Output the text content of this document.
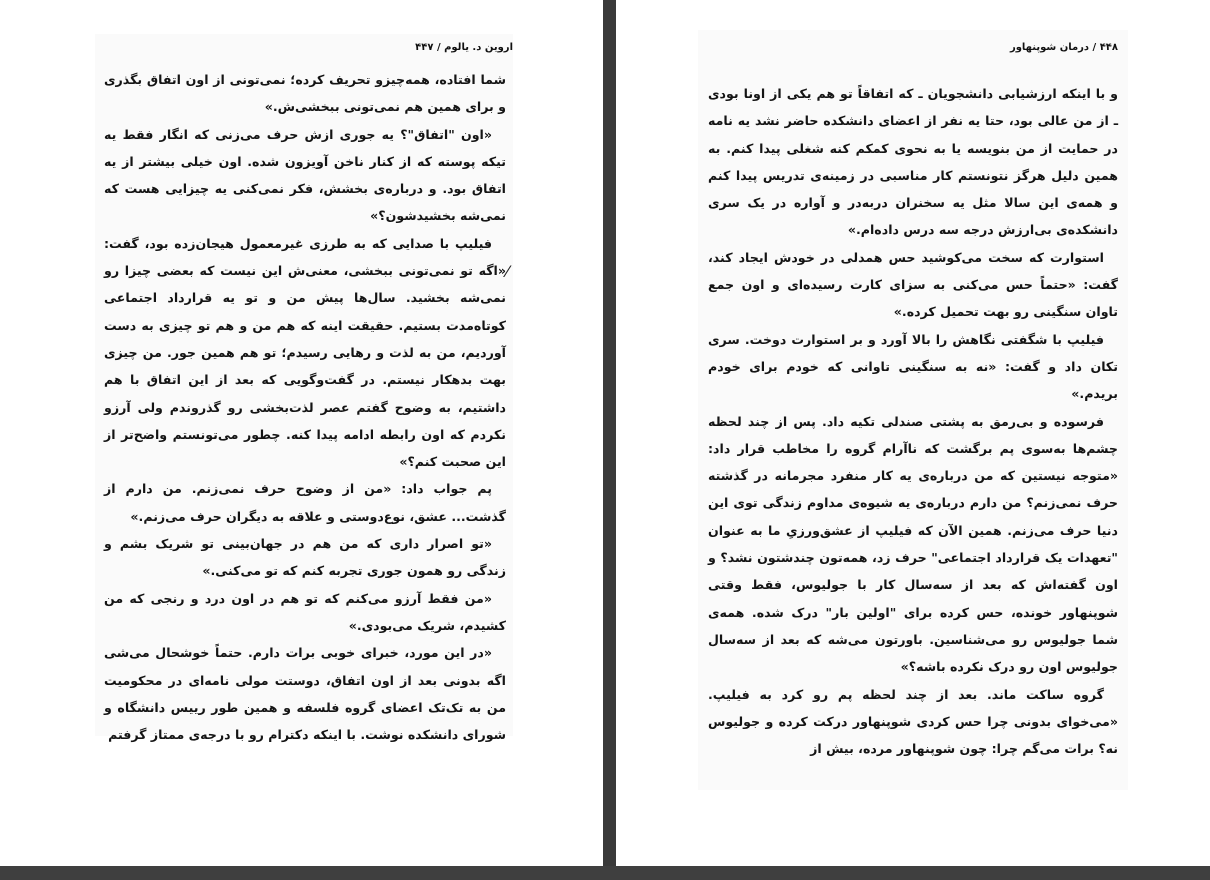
اروین د. یالوم / ۴۴۷

شما افتاده، همه‌چیزو تحریف کرده؛ نمی‌تونی از اون اتفاق بگذری و برای همین هم نمی‌تونی ببخشی‌ش.»

«اون "اتفاق"؟ یه جوری ازش حرف می‌زنی که انگار فقط یه تیکه پوسته که از کنار ناخن آویزون شده. اون خیلی بیشتر از یه اتفاق بود. و درباره‌ی بخشش، فکر نمی‌کنی یه چیزایی هست که نمی‌شه بخشیدشون؟»

فیلیپ با صدایی که به طرزی غیرمعمول هیجان‌زده بود، گفت: «اگه تو نمی‌تونی ببخشی، معنی‌ش این نیست که بعضی چیزا رو نمی‌شه بخشید. سال‌ها پیش من و تو یه قرارداد اجتماعی کوتاه‌مدت بستیم. حقیقت اینه که هم من و هم تو چیزی به دست آوردیم، من به لذت و رهایی رسیدم؛ تو هم همین جور. من چیزی بهت بدهکار نیستم. در گفت‌وگویی که بعد از این اتفاق با هم داشتیم، به وضوح گفتم عصر لذت‌بخشی رو گذروندم ولی آرزو نکردم که اون رابطه ادامه پیدا کنه. چطور می‌تونستم واضح‌تر از این صحبت کنم؟»

پم جواب داد: «من از وضوح حرف نمی‌زنم. من دارم از گذشت... عشق، نوع‌دوستی و علاقه به دیگران حرف می‌زنم.»

«تو اصرار داری که من هم در جهان‌بینی تو شریک بشم و زندگی رو همون جوری تجربه کنم که تو می‌کنی.»

«من فقط آرزو می‌کنم که تو هم در اون درد و رنجی که من کشیدم، شریک می‌بودی.»

«در این مورد، خبرای خوبی برات دارم. حتماً خوشحال می‌شی اگه بدونی بعد از اون اتفاق، دوستت مولی نامه‌ای در محکومیت من به تک‌تک اعضای گروه فلسفه و همین طور رییس دانشگاه و شورای دانشکده نوشت. با اینکه دکترام رو با درجه‌ی ممتاز گرفتم

⁄
۴۴۸ / درمان شوپنهاور

و با اینکه ارزشیابی دانشجویان ـ که اتفاقاً تو هم یکی از اونا بودی ـ از من عالی بود، حتا یه نفر از اعضای دانشکده حاضر نشد یه نامه در حمایت از من بنویسه یا به نحوی کمکم کنه شغلی پیدا کنم. به همین دلیل هرگز نتونستم کار مناسبی در زمینه‌ی تدریس پیدا کنم و همه‌ی این سالا مثل یه سخنران دربه‌در و آواره در یک سری دانشکده‌ی بی‌ارزش درجه سه درس داده‌ام.»

استوارت که سخت می‌کوشید حس همدلی در خودش ایجاد کند، گفت: «حتماً حس می‌کنی به سزای کارت رسیده‌ای و اون جمع تاوان سنگینی رو بهت تحمیل کرده.»

فیلیپ با شگفتی نگاهش را بالا آورد و بر استوارت دوخت. سری تکان داد و گفت: «نه به سنگینی تاوانی که خودم برای خودم بریدم.»

فرسوده و بی‌رمق به پشتی صندلی تکیه داد. پس از چند لحظه چشم‌ها به‌سوی پم برگشت که ناآرام گروه را مخاطب قرار داد: «متوجه نیستین که من درباره‌ی یه کار منفرد مجرمانه در گذشته حرف نمی‌زنم؟ من دارم درباره‌ی یه شیوه‌ی مداوم زندگی توی این دنیا حرف می‌زنم. همین الآن که فیلیپ از عشق‌ورزیِ ما به عنوان "تعهدات یک قرارداد اجتماعی" حرف زد، همه‌تون چندشتون نشد؟ و اون گفته‌اش که بعد از سه‌سال کار با جولیوس، فقط وقتی شوپنهاور خونده، حس کرده برای "اولین بار" درک شده. همه‌ی شما جولیوس رو می‌شناسین. باورتون می‌شه که بعد از سه‌سال جولیوس اون رو درک نکرده باشه؟»

گروه ساکت ماند. بعد از چند لحظه پم رو کرد به فیلیپ. «می‌خوای بدونی چرا حس کردی شوپنهاور درکت کرده و جولیوس نه؟ برات می‌گم چرا: چون شوپنهاور مرده، بیش از
